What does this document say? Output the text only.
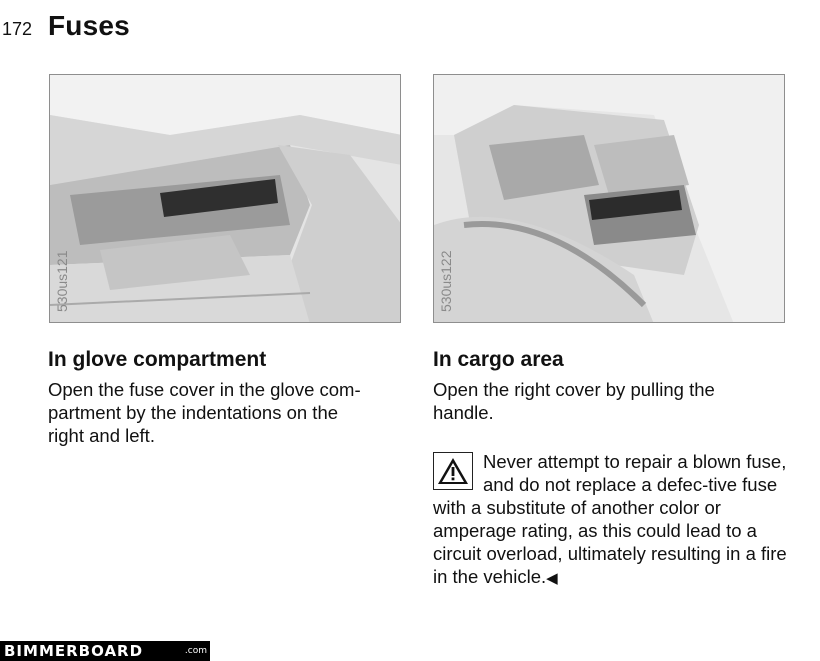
172 Fuses
530us121	530us122
In glove compartment

Open the fuse cover in the glove com-
partment by the indentations on the
right and left.

In cargo area

Open the right cover by pulling the
handle.

Never attempt to repair a blown fuse, and do not replace a defec-tive fuse with a substitute of another color or amperage rating, as this could lead to a circuit overload, ultimately resulting in a fire in the vehicle.◀
BIMMERBOARD	.com
